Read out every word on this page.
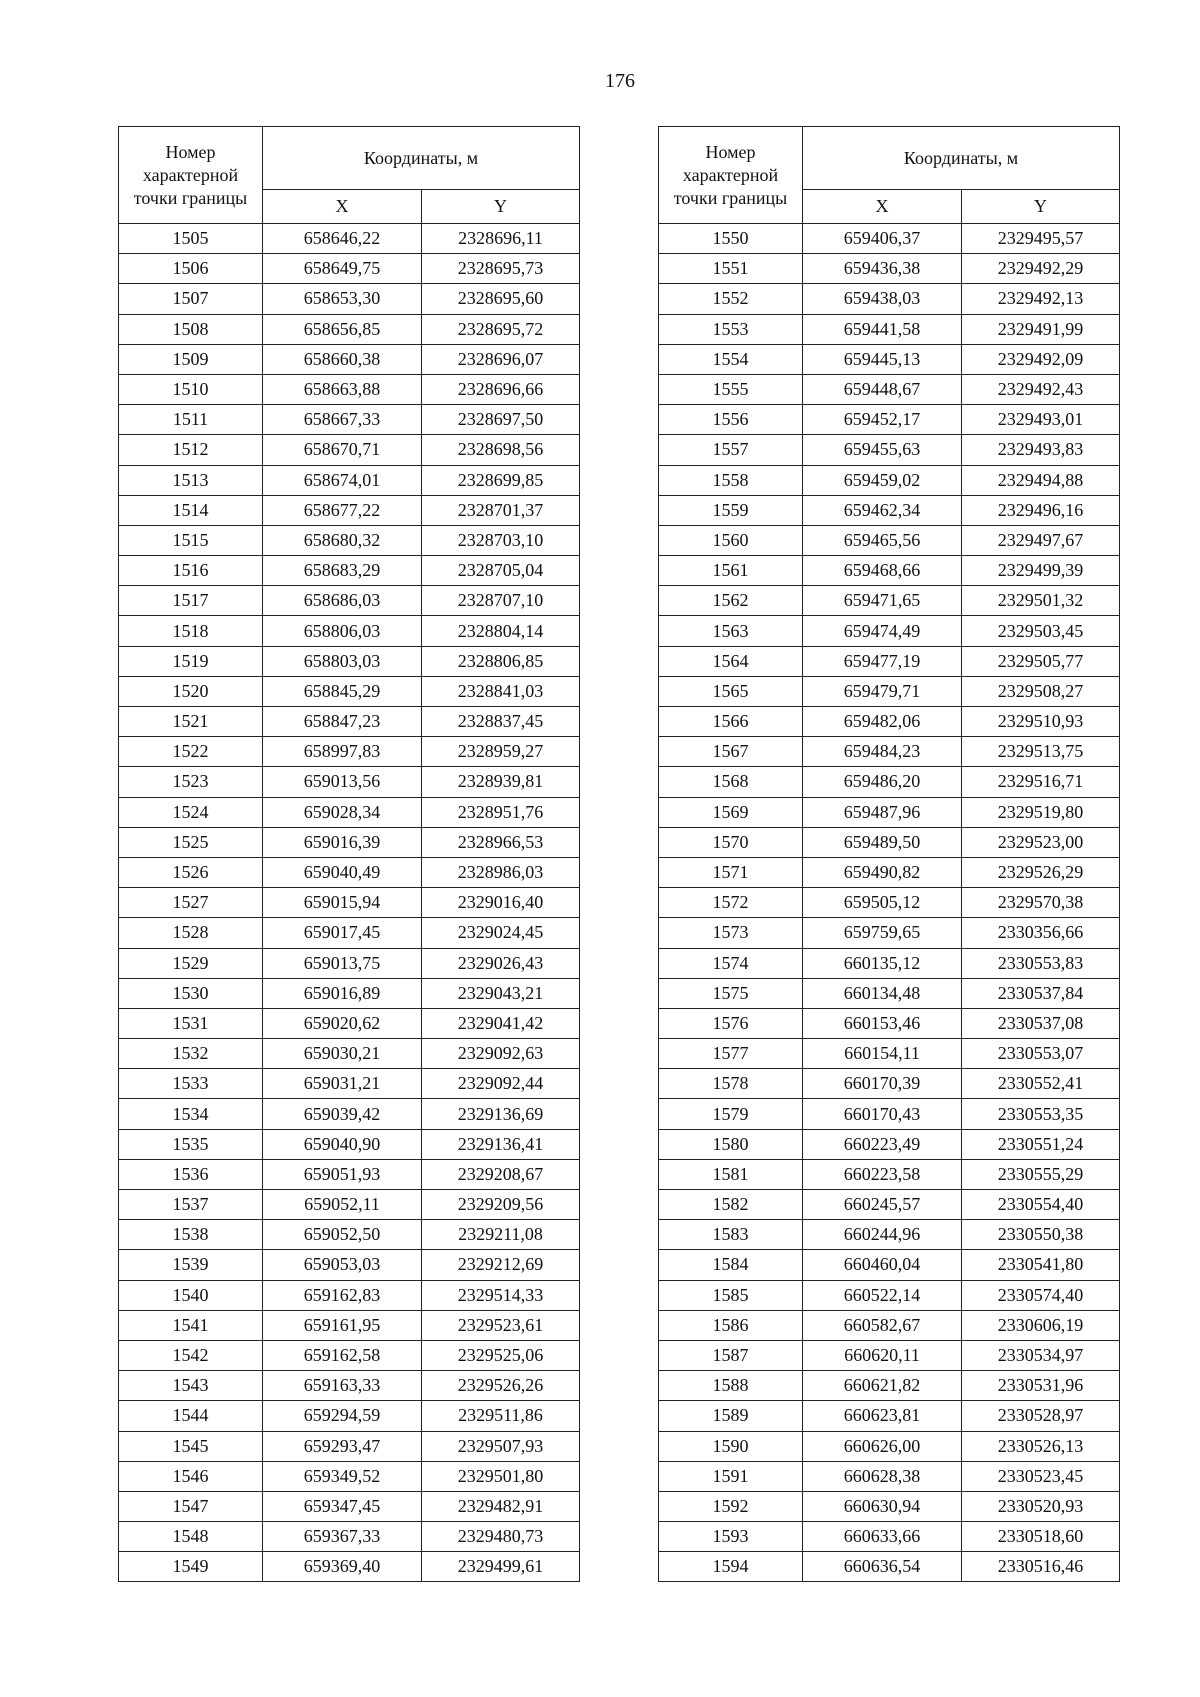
176
Номер характерной точки границы	Координаты, м	
	X	Y
1505	658646,22	2328696,11
1506	658649,75	2328695,73
1507	658653,30	2328695,60
1508	658656,85	2328695,72
1509	658660,38	2328696,07
1510	658663,88	2328696,66
1511	658667,33	2328697,50
1512	658670,71	2328698,56
1513	658674,01	2328699,85
1514	658677,22	2328701,37
1515	658680,32	2328703,10
1516	658683,29	2328705,04
1517	658686,03	2328707,10
1518	658806,03	2328804,14
1519	658803,03	2328806,85
1520	658845,29	2328841,03
1521	658847,23	2328837,45
1522	658997,83	2328959,27
1523	659013,56	2328939,81
1524	659028,34	2328951,76
1525	659016,39	2328966,53
1526	659040,49	2328986,03
1527	659015,94	2329016,40
1528	659017,45	2329024,45
1529	659013,75	2329026,43
1530	659016,89	2329043,21
1531	659020,62	2329041,42
1532	659030,21	2329092,63
1533	659031,21	2329092,44
1534	659039,42	2329136,69
1535	659040,90	2329136,41
1536	659051,93	2329208,67
1537	659052,11	2329209,56
1538	659052,50	2329211,08
1539	659053,03	2329212,69
1540	659162,83	2329514,33
1541	659161,95	2329523,61
1542	659162,58	2329525,06
1543	659163,33	2329526,26
1544	659294,59	2329511,86
1545	659293,47	2329507,93
1546	659349,52	2329501,80
1547	659347,45	2329482,91
1548	659367,33	2329480,73
1549	659369,40	2329499,61
Номер характерной точки границы	Координаты, м	
	X	Y
1550	659406,37	2329495,57
1551	659436,38	2329492,29
1552	659438,03	2329492,13
1553	659441,58	2329491,99
1554	659445,13	2329492,09
1555	659448,67	2329492,43
1556	659452,17	2329493,01
1557	659455,63	2329493,83
1558	659459,02	2329494,88
1559	659462,34	2329496,16
1560	659465,56	2329497,67
1561	659468,66	2329499,39
1562	659471,65	2329501,32
1563	659474,49	2329503,45
1564	659477,19	2329505,77
1565	659479,71	2329508,27
1566	659482,06	2329510,93
1567	659484,23	2329513,75
1568	659486,20	2329516,71
1569	659487,96	2329519,80
1570	659489,50	2329523,00
1571	659490,82	2329526,29
1572	659505,12	2329570,38
1573	659759,65	2330356,66
1574	660135,12	2330553,83
1575	660134,48	2330537,84
1576	660153,46	2330537,08
1577	660154,11	2330553,07
1578	660170,39	2330552,41
1579	660170,43	2330553,35
1580	660223,49	2330551,24
1581	660223,58	2330555,29
1582	660245,57	2330554,40
1583	660244,96	2330550,38
1584	660460,04	2330541,80
1585	660522,14	2330574,40
1586	660582,67	2330606,19
1587	660620,11	2330534,97
1588	660621,82	2330531,96
1589	660623,81	2330528,97
1590	660626,00	2330526,13
1591	660628,38	2330523,45
1592	660630,94	2330520,93
1593	660633,66	2330518,60
1594	660636,54	2330516,46
